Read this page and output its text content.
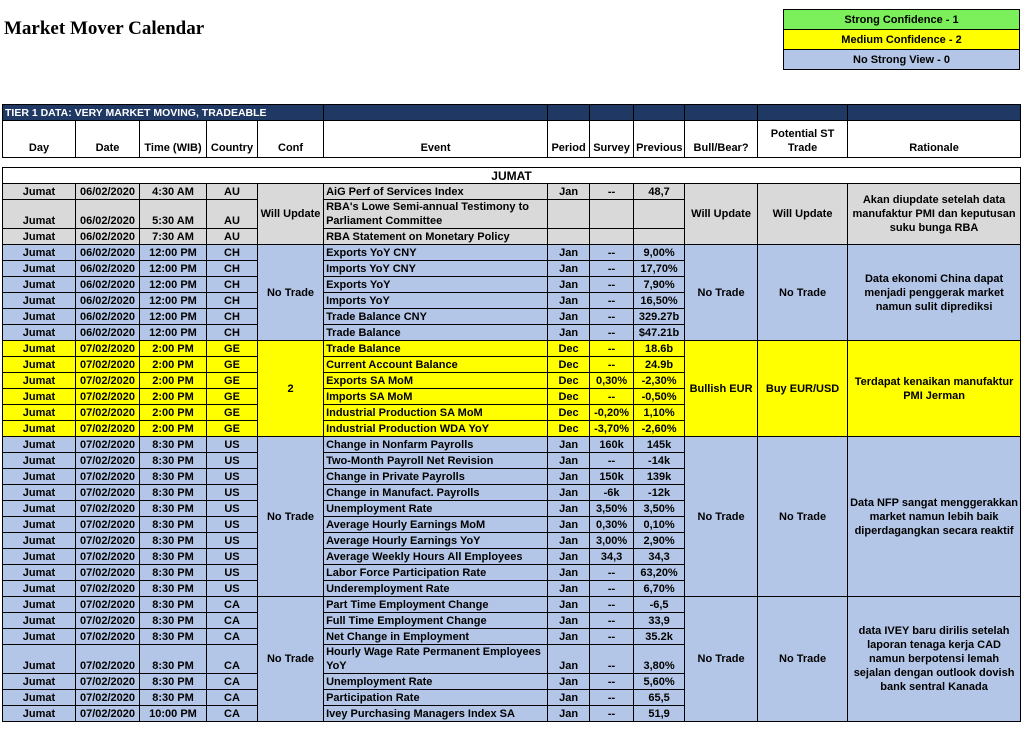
Market Mover Calendar	Strong Confidence - 1
Medium Confidence - 2
No Strong View - 0
TIER 1 DATA: VERY MARKET MOVING, TRADEABLE											
Day	Date	Time (WIB)	Country	Conf	Event	Period	Survey	Previous	Bull/Bear?	Potential ST Trade	Rationale

JUMAT											
Jumat	06/02/2020	4:30 AM	AU	Will Update	AiG Perf of Services Index	Jan	--	48,7	Will Update	Will Update	Akan diupdate setelah data manufaktur PMI dan keputusan suku bunga RBA
Jumat	06/02/2020	5:30 AM	AU		RBA's Lowe Semi-annual Testimony to Parliament Committee						
Jumat	06/02/2020	7:30 AM	AU		RBA Statement on Monetary Policy						
Jumat	06/02/2020	12:00 PM	CH	No Trade	Exports YoY CNY	Jan	--	9,00%	No Trade	No Trade	Data ekonomi China dapat menjadi penggerak market namun sulit diprediksi
Jumat	06/02/2020	12:00 PM	CH		Imports YoY CNY	Jan	--	17,70%			
Jumat	06/02/2020	12:00 PM	CH		Exports YoY	Jan	--	7,90%			
Jumat	06/02/2020	12:00 PM	CH		Imports YoY	Jan	--	16,50%			
Jumat	06/02/2020	12:00 PM	CH		Trade Balance CNY	Jan	--	329.27b			
Jumat	06/02/2020	12:00 PM	CH		Trade Balance	Jan	--	$47.21b			
Jumat	07/02/2020	2:00 PM	GE	2	Trade Balance	Dec	--	18.6b	Bullish EUR	Buy EUR/USD	Terdapat kenaikan manufaktur PMI Jerman
Jumat	07/02/2020	2:00 PM	GE		Current Account Balance	Dec	--	24.9b			
Jumat	07/02/2020	2:00 PM	GE		Exports SA MoM	Dec	0,30%	-2,30%			
Jumat	07/02/2020	2:00 PM	GE		Imports SA MoM	Dec	--	-0,50%			
Jumat	07/02/2020	2:00 PM	GE		Industrial Production SA MoM	Dec	-0,20%	1,10%			
Jumat	07/02/2020	2:00 PM	GE		Industrial Production WDA YoY	Dec	-3,70%	-2,60%			
Jumat	07/02/2020	8:30 PM	US	No Trade	Change in Nonfarm Payrolls	Jan	160k	145k	No Trade	No Trade	Data NFP sangat menggerakkan market namun lebih baik diperdagangkan secara reaktif
Jumat	07/02/2020	8:30 PM	US		Two-Month Payroll Net Revision	Jan	--	-14k			
Jumat	07/02/2020	8:30 PM	US		Change in Private Payrolls	Jan	150k	139k			
Jumat	07/02/2020	8:30 PM	US		Change in Manufact. Payrolls	Jan	-6k	-12k			
Jumat	07/02/2020	8:30 PM	US		Unemployment Rate	Jan	3,50%	3,50%			
Jumat	07/02/2020	8:30 PM	US		Average Hourly Earnings MoM	Jan	0,30%	0,10%			
Jumat	07/02/2020	8:30 PM	US		Average Hourly Earnings YoY	Jan	3,00%	2,90%			
Jumat	07/02/2020	8:30 PM	US		Average Weekly Hours All Employees	Jan	34,3	34,3			
Jumat	07/02/2020	8:30 PM	US		Labor Force Participation Rate	Jan	--	63,20%			
Jumat	07/02/2020	8:30 PM	US		Underemployment Rate	Jan	--	6,70%			
Jumat	07/02/2020	8:30 PM	CA	No Trade	Part Time Employment Change	Jan	--	-6,5	No Trade	No Trade	data IVEY baru dirilis setelah laporan tenaga kerja CAD namun berpotensi lemah sejalan dengan outlook dovish bank sentral Kanada
Jumat	07/02/2020	8:30 PM	CA		Full Time Employment Change	Jan	--	33,9			
Jumat	07/02/2020	8:30 PM	CA		Net Change in Employment	Jan	--	35.2k			
Jumat	07/02/2020	8:30 PM	CA		Hourly Wage Rate Permanent Employees YoY	Jan	--	3,80%			
Jumat	07/02/2020	8:30 PM	CA		Unemployment Rate	Jan	--	5,60%			
Jumat	07/02/2020	8:30 PM	CA		Participation Rate	Jan	--	65,5			
Jumat	07/02/2020	10:00 PM	CA		Ivey Purchasing Managers Index SA	Jan	--	51,9			
